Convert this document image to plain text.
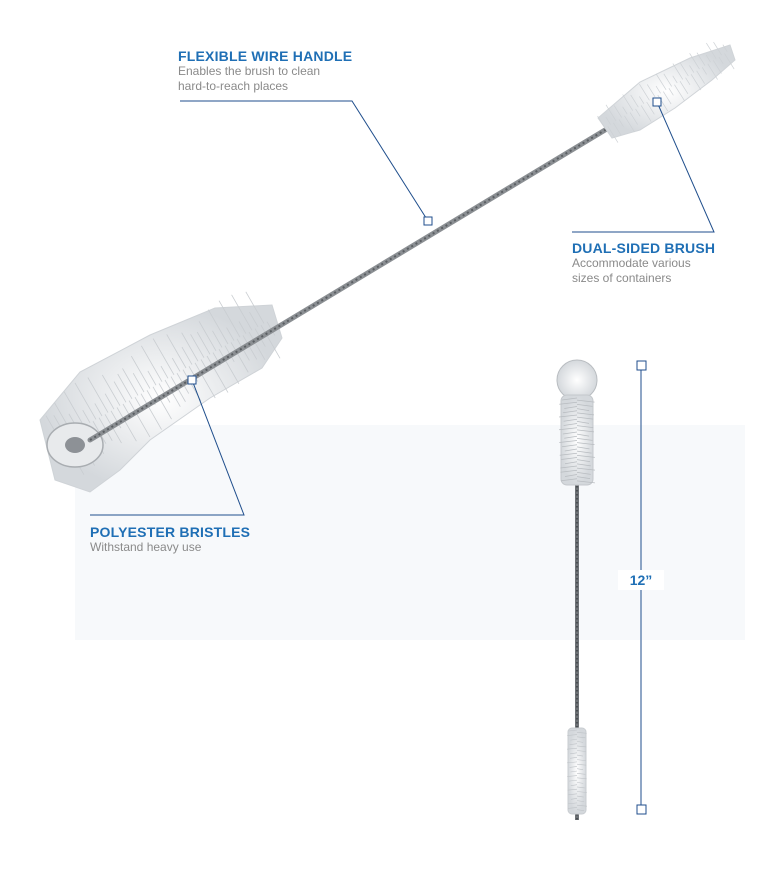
FLEXIBLE WIRE HANDLE
Enables the brush to clean
hard-to-reach places
DUAL-SIDED BRUSH
Accommodate various
sizes of containers
POLYESTER BRISTLES
Withstand heavy use
12”
